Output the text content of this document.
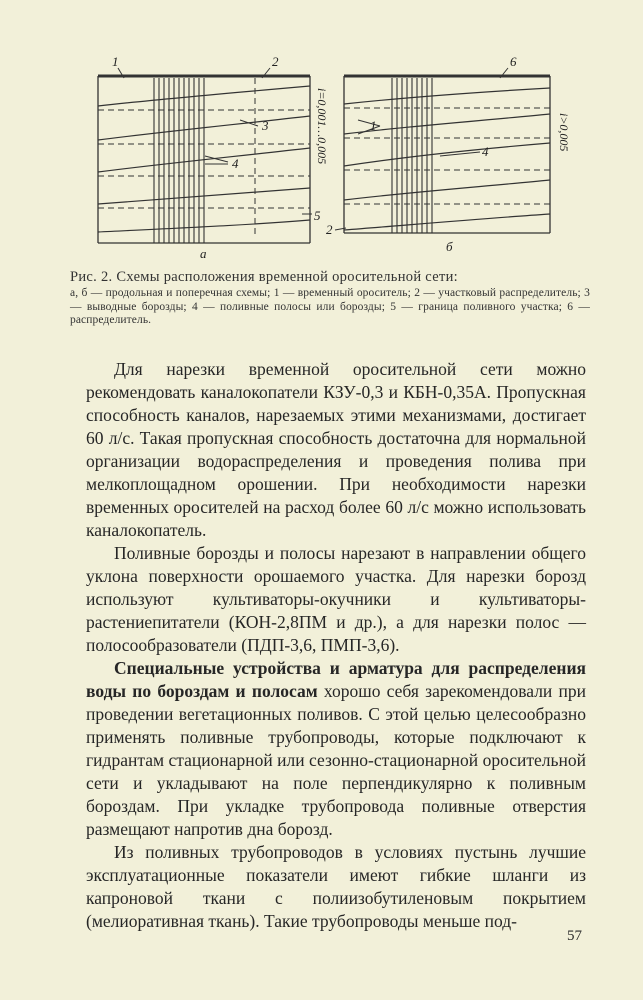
1	2
3
4
5
i=0,001…0,005
а
6
1
4
2
i>0,005
б
Рис. 2. Схемы расположения временной оросительной сети:
а, б — продольная и поперечная схемы; 1 — временный ороситель; 2 — участковый распределитель; 3 — выводные борозды; 4 — поливные полосы или борозды; 5 — граница поливного участка; 6 — распределитель.

Для нарезки временной оросительной сети можно рекомендовать каналокопатели КЗУ-0,3 и КБН-0,35А. Пропускная способность каналов, нарезаемых этими механизмами, достигает 60 л/с. Такая пропускная способность достаточна для нормальной организации водораспределения и проведения полива при мелкоплощадном орошении. При необходимости нарезки временных оросителей на расход более 60 л/с можно использовать каналокопатель.

Поливные борозды и полосы нарезают в направлении общего уклона поверхности орошаемого участка. Для нарезки борозд используют культиваторы-окучники и культиваторы-растениепитатели (КОН-2,8ПМ и др.), а для нарезки полос — полосообразователи (ПДП-3,6, ПМП-3,6).

Специальные устройства и арматура для распределения воды по бороздам и полосам хорошо себя зарекомендовали при проведении вегетационных поливов. С этой целью целесообразно применять поливные трубопроводы, которые подключают к гидрантам стационарной или сезонно-стационарной оросительной сети и укладывают на поле перпендикулярно к поливным бороздам. При укладке трубопровода поливные отверстия размещают напротив дна борозд.

Из поливных трубопроводов в условиях пустынь лучшие эксплуатационные показатели имеют гибкие шланги из капроновой ткани с полиизобутиленовым покрытием (мелиоративная ткань). Такие трубопроводы меньше под-

57
